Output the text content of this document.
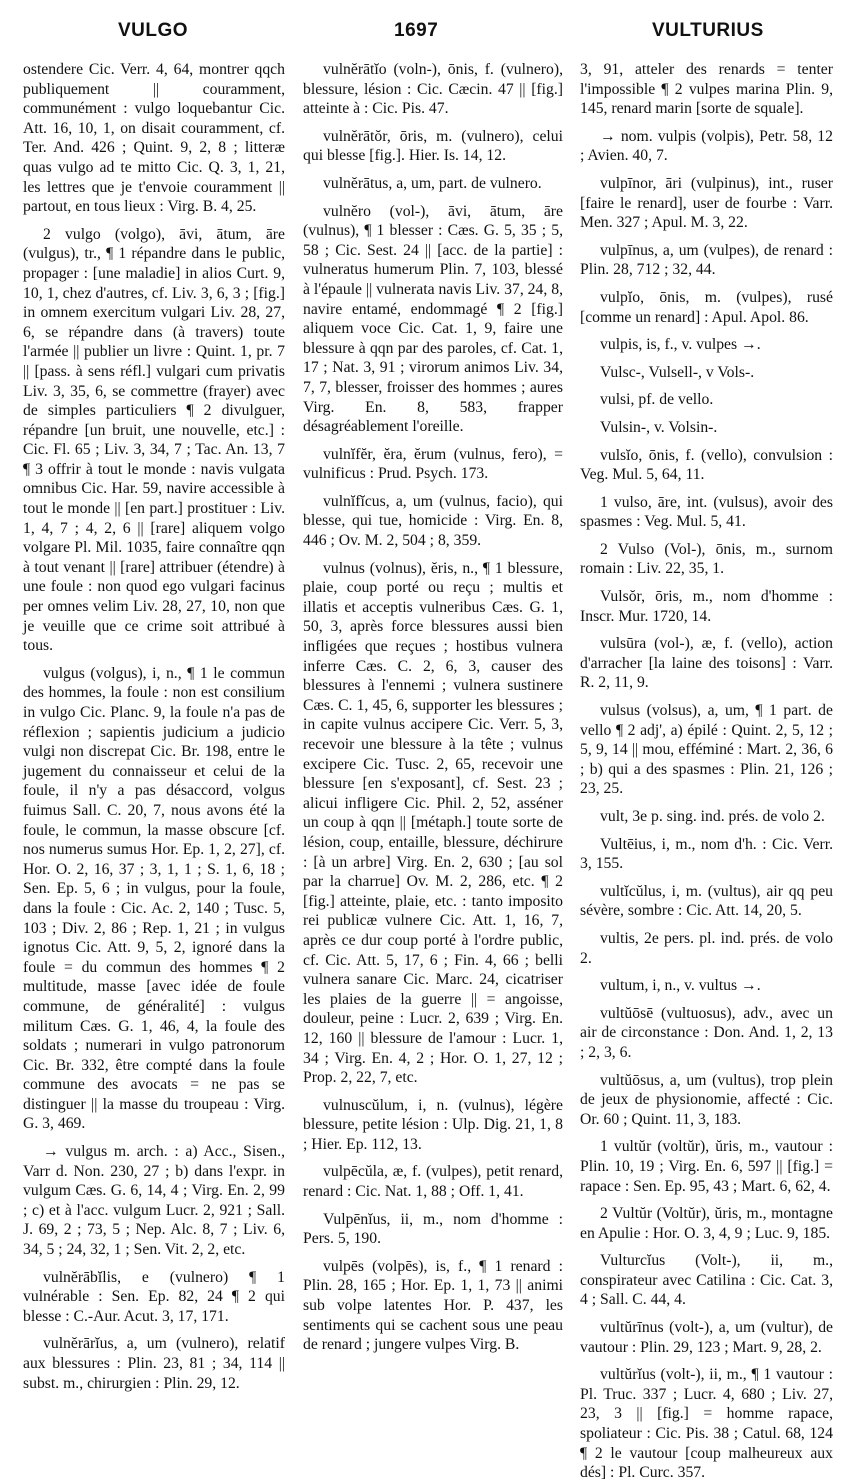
VULGO	1697	VULTURIUS

ostendere Cic. Verr. 4, 64, montrer qqch publiquement || couramment, communément : vulgo loquebantur Cic. Att. 16, 10, 1, on disait couramment, cf. Ter. And. 426 ; Quint. 9, 2, 8 ; litteræ quas vulgo ad te mitto Cic. Q. 3, 1, 21, les lettres que je t'envoie couramment || partout, en tous lieux : Virg. B. 4, 25.

2 vulgo (volgo), āvi, ātum, āre (vulgus), tr., ¶ 1 répandre dans le public, propager : [une maladie] in alios Curt. 9, 10, 1, chez d'autres, cf. Liv. 3, 6, 3 ; [fig.] in omnem exercitum vulgari Liv. 28, 27, 6, se répandre dans (à travers) toute l'armée || publier un livre : Quint. 1, pr. 7 || [pass. à sens réfl.] vulgari cum privatis Liv. 3, 35, 6, se commettre (frayer) avec de simples particuliers ¶ 2 divulguer, répandre [un bruit, une nouvelle, etc.] : Cic. Fl. 65 ; Liv. 3, 34, 7 ; Tac. An. 13, 7 ¶ 3 offrir à tout le monde : navis vulgata omnibus Cic. Har. 59, navire accessible à tout le monde || [en part.] prostituer : Liv. 1, 4, 7 ; 4, 2, 6 || [rare] aliquem volgo volgare Pl. Mil. 1035, faire connaître qqn à tout venant || [rare] attribuer (étendre) à une foule : non quod ego vulgari facinus per omnes velim Liv. 28, 27, 10, non que je veuille que ce crime soit attribué à tous.

vulgus (volgus), i, n., ¶ 1 le commun des hommes, la foule : non est consilium in vulgo Cic. Planc. 9, la foule n'a pas de réflexion ; sapientis judicium a judicio vulgi non discrepat Cic. Br. 198, entre le jugement du connaisseur et celui de la foule, il n'y a pas désaccord, volgus fuimus Sall. C. 20, 7, nous avons été la foule, le commun, la masse obscure [cf. nos numerus sumus Hor. Ep. 1, 2, 27], cf. Hor. O. 2, 16, 37 ; 3, 1, 1 ; S. 1, 6, 18 ; Sen. Ep. 5, 6 ; in vulgus, pour la foule, dans la foule : Cic. Ac. 2, 140 ; Tusc. 5, 103 ; Div. 2, 86 ; Rep. 1, 21 ; in vulgus ignotus Cic. Att. 9, 5, 2, ignoré dans la foule = du commun des hommes ¶ 2 multitude, masse [avec idée de foule commune, de généralité] : vulgus militum Cæs. G. 1, 46, 4, la foule des soldats ; numerari in vulgo patronorum Cic. Br. 332, être compté dans la foule commune des avocats = ne pas se distinguer || la masse du troupeau : Virg. G. 3, 469.

→ vulgus m. arch. : a) Acc., Sisen., Varr d. Non. 230, 27 ; b) dans l'expr. in vulgum Cæs. G. 6, 14, 4 ; Virg. En. 2, 99 ; c) et à l'acc. vulgum Lucr. 2, 921 ; Sall. J. 69, 2 ; 73, 5 ; Nep. Alc. 8, 7 ; Liv. 6, 34, 5 ; 24, 32, 1 ; Sen. Vit. 2, 2, etc.

vulnĕrābĭlis, e (vulnero) ¶ 1 vulnérable : Sen. Ep. 82, 24 ¶ 2 qui blesse : C.-Aur. Acut. 3, 17, 171.

vulnĕrārĭus, a, um (vulnero), relatif aux blessures : Plin. 23, 81 ; 34, 114 || subst. m., chirurgien : Plin. 29, 12.

vulnĕrātĭo (voln-), ōnis, f. (vulnero), blessure, lésion : Cic. Cæcin. 47 || [fig.] atteinte à : Cic. Pis. 47.

vulnĕrātŏr, ōris, m. (vulnero), celui qui blesse [fig.]. Hier. Is. 14, 12.

vulnĕrātus, a, um, part. de vulnero.

vulnĕro (vol-), āvi, ātum, āre (vulnus), ¶ 1 blesser : Cæs. G. 5, 35 ; 5, 58 ; Cic. Sest. 24 || [acc. de la partie] : vulneratus humerum Plin. 7, 103, blessé à l'épaule || vulnerata navis Liv. 37, 24, 8, navire entamé, endommagé ¶ 2 [fig.] aliquem voce Cic. Cat. 1, 9, faire une blessure à qqn par des paroles, cf. Cat. 1, 17 ; Nat. 3, 91 ; virorum animos Liv. 34, 7, 7, blesser, froisser des hommes ; aures Virg. En. 8, 583, frapper désagréablement l'oreille.

vulnĭfĕr, ĕra, ĕrum (vulnus, fero), = vulnificus : Prud. Psych. 173.

vulnĭfĭcus, a, um (vulnus, facio), qui blesse, qui tue, homicide : Virg. En. 8, 446 ; Ov. M. 2, 504 ; 8, 359.

vulnus (volnus), ĕris, n., ¶ 1 blessure, plaie, coup porté ou reçu ; multis et illatis et acceptis vulneribus Cæs. G. 1, 50, 3, après force blessures aussi bien infligées que reçues ; hostibus vulnera inferre Cæs. C. 2, 6, 3, causer des blessures à l'ennemi ; vulnera sustinere Cæs. C. 1, 45, 6, supporter les blessures ; in capite vulnus accipere Cic. Verr. 5, 3, recevoir une blessure à la tête ; vulnus excipere Cic. Tusc. 2, 65, recevoir une blessure [en s'exposant], cf. Sest. 23 ; alicui infligere Cic. Phil. 2, 52, asséner un coup à qqn || [métaph.] toute sorte de lésion, coup, entaille, blessure, déchirure : [à un arbre] Virg. En. 2, 630 ; [au sol par la charrue] Ov. M. 2, 286, etc. ¶ 2 [fig.] atteinte, plaie, etc. : tanto imposito rei publicæ vulnere Cic. Att. 1, 16, 7, après ce dur coup porté à l'ordre public, cf. Cic. Att. 5, 17, 6 ; Fin. 4, 66 ; belli vulnera sanare Cic. Marc. 24, cicatriser les plaies de la guerre || = angoisse, douleur, peine : Lucr. 2, 639 ; Virg. En. 12, 160 || blessure de l'amour : Lucr. 1, 34 ; Virg. En. 4, 2 ; Hor. O. 1, 27, 12 ; Prop. 2, 22, 7, etc.

vulnuscŭlum, i, n. (vulnus), légère blessure, petite lésion : Ulp. Dig. 21, 1, 8 ; Hier. Ep. 112, 13.

vulpēcŭla, æ, f. (vulpes), petit renard, renard : Cic. Nat. 1, 88 ; Off. 1, 41.

Vulpēnĭus, ii, m., nom d'homme : Pers. 5, 190.

vulpēs (volpēs), is, f., ¶ 1 renard : Plin. 28, 165 ; Hor. Ep. 1, 1, 73 || animi sub volpe latentes Hor. P. 437, les sentiments qui se cachent sous une peau de renard ; jungere vulpes Virg. B.

3, 91, atteler des renards = tenter l'impossible ¶ 2 vulpes marina Plin. 9, 145, renard marin [sorte de squale].

→ nom. vulpis (volpis), Petr. 58, 12 ; Avien. 40, 7.

vulpīnor, āri (vulpinus), int., ruser [faire le renard], user de fourbe : Varr. Men. 327 ; Apul. M. 3, 22.

vulpīnus, a, um (vulpes), de renard : Plin. 28, 712 ; 32, 44.

vulpĭo, ōnis, m. (vulpes), rusé [comme un renard] : Apul. Apol. 86.

vulpis, is, f., v. vulpes →.

Vulsc-, Vulsell-, v Vols-.

vulsi, pf. de vello.

Vulsin-, v. Volsin-.

vulsĭo, ōnis, f. (vello), convulsion : Veg. Mul. 5, 64, 11.

1 vulso, āre, int. (vulsus), avoir des spasmes : Veg. Mul. 5, 41.

2 Vulso (Vol-), ōnis, m., surnom romain : Liv. 22, 35, 1.

Vulsŏr, ōris, m., nom d'homme : Inscr. Mur. 1720, 14.

vulsūra (vol-), æ, f. (vello), action d'arracher [la laine des toisons] : Varr. R. 2, 11, 9.

vulsus (volsus), a, um, ¶ 1 part. de vello ¶ 2 adj', a) épilé : Quint. 2, 5, 12 ; 5, 9, 14 || mou, efféminé : Mart. 2, 36, 6 ; b) qui a des spasmes : Plin. 21, 126 ; 23, 25.

vult, 3e p. sing. ind. prés. de volo 2.

Vultēius, i, m., nom d'h. : Cic. Verr. 3, 155.

vultĭcŭlus, i, m. (vultus), air qq peu sévère, sombre : Cic. Att. 14, 20, 5.

vultis, 2e pers. pl. ind. prés. de volo 2.

vultum, i, n., v. vultus →.

vultŭōsē (vultuosus), adv., avec un air de circonstance : Don. And. 1, 2, 13 ; 2, 3, 6.

vultŭōsus, a, um (vultus), trop plein de jeux de physionomie, affecté : Cic. Or. 60 ; Quint. 11, 3, 183.

1 vultŭr (voltŭr), ŭris, m., vautour : Plin. 10, 19 ; Virg. En. 6, 597 || [fig.] = rapace : Sen. Ep. 95, 43 ; Mart. 6, 62, 4.

2 Vultŭr (Voltŭr), ŭris, m., montagne en Apulie : Hor. O. 3, 4, 9 ; Luc. 9, 185.

Vulturcĭus (Volt-), ii, m., conspirateur avec Catilina : Cic. Cat. 3, 4 ; Sall. C. 44, 4.

vultŭrīnus (volt-), a, um (vultur), de vautour : Plin. 29, 123 ; Mart. 9, 28, 2.

vultŭrĭus (volt-), ii, m., ¶ 1 vautour : Pl. Truc. 337 ; Lucr. 4, 680 ; Liv. 27, 23, 3 || [fig.] = homme rapace, spoliateur : Cic. Pis. 38 ; Catul. 68, 124 ¶ 2 le vautour [coup malheureux aux dés] : Pl. Curc. 357.
